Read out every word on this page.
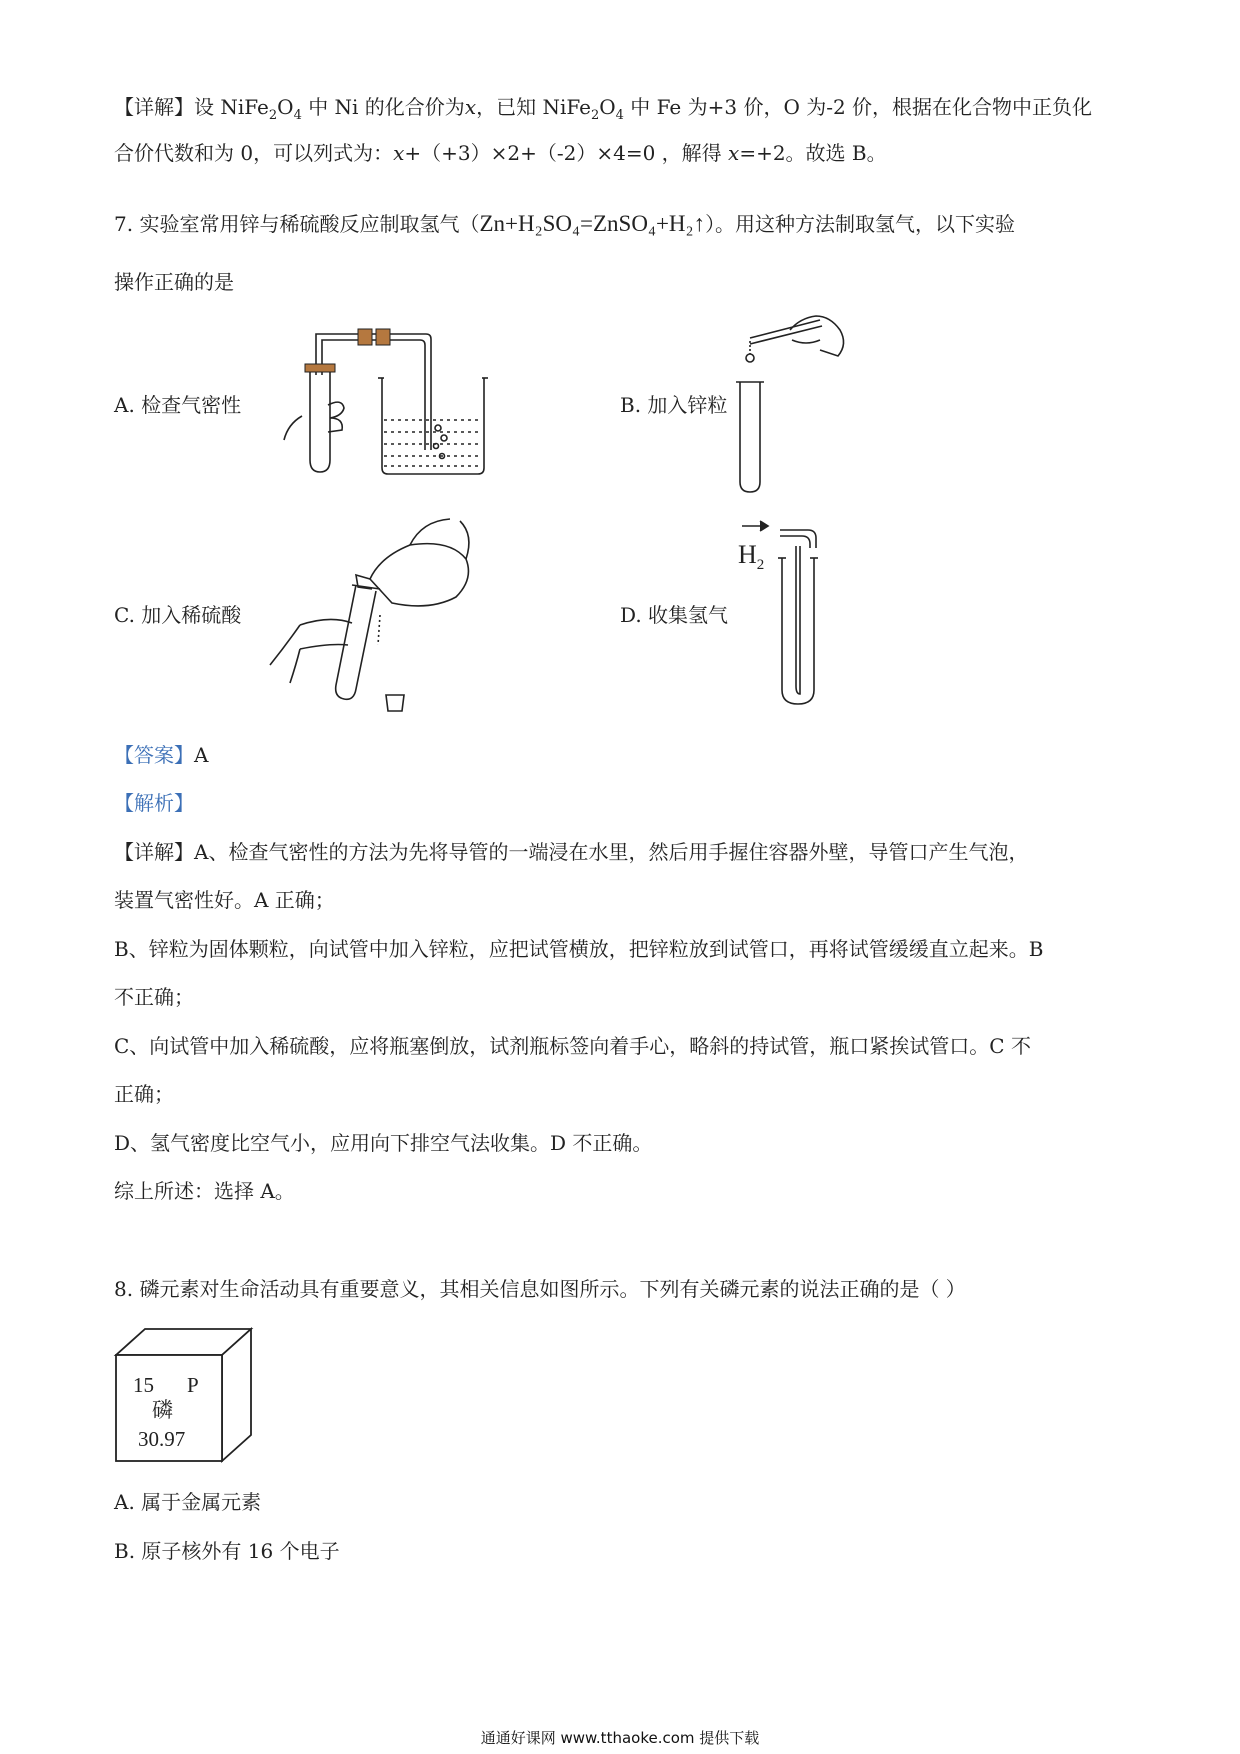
【详解】设 $NiFe_2O_4$ 中 Ni 的化合价为x，已知 $NiFe_2O_4$ 中 Fe 为+3 价，O 为-2 价，根据在化合物中正负化
合价代数和为 0，可以列式为：x+（+3）×2+（-2）×4=0 ，解得 x=+2。故选 B。
7. 实验室常用锌与稀硫酸反应制取氢气（Zn+H₂SO₄=ZnSO₄+H₂↑）。用这种方法制取氢气，以下实验
操作正确的是
A. 检查气密性	B. 加入锌粒
C. 加入稀硫酸	D. 收集氢气
$H_2$
【答案】A
【解析】
【详解】A、检查气密性的方法为先将导管的一端浸在水里，然后用手握住容器外壁，导管口产生气泡，
装置气密性好。A 正确；
B、锌粒为固体颗粒，向试管中加入锌粒，应把试管横放，把锌粒放到试管口，再将试管缓缓直立起来。B
不正确；
C、向试管中加入稀硫酸，应将瓶塞倒放，试剂瓶标签向着手心，略斜的持试管，瓶口紧挨试管口。C 不
正确；
D、氢气密度比空气小，应用向下排空气法收集。D 不正确。
综上所述：选择 A。
8. 磷元素对生命活动具有重要意义，其相关信息如图所示。下列有关磷元素的说法正确的是（ ）
15 P
磷
30.97
A. 属于金属元素
B. 原子核外有 16 个电子
通通好课网 www.tthaoke.com 提供下载
